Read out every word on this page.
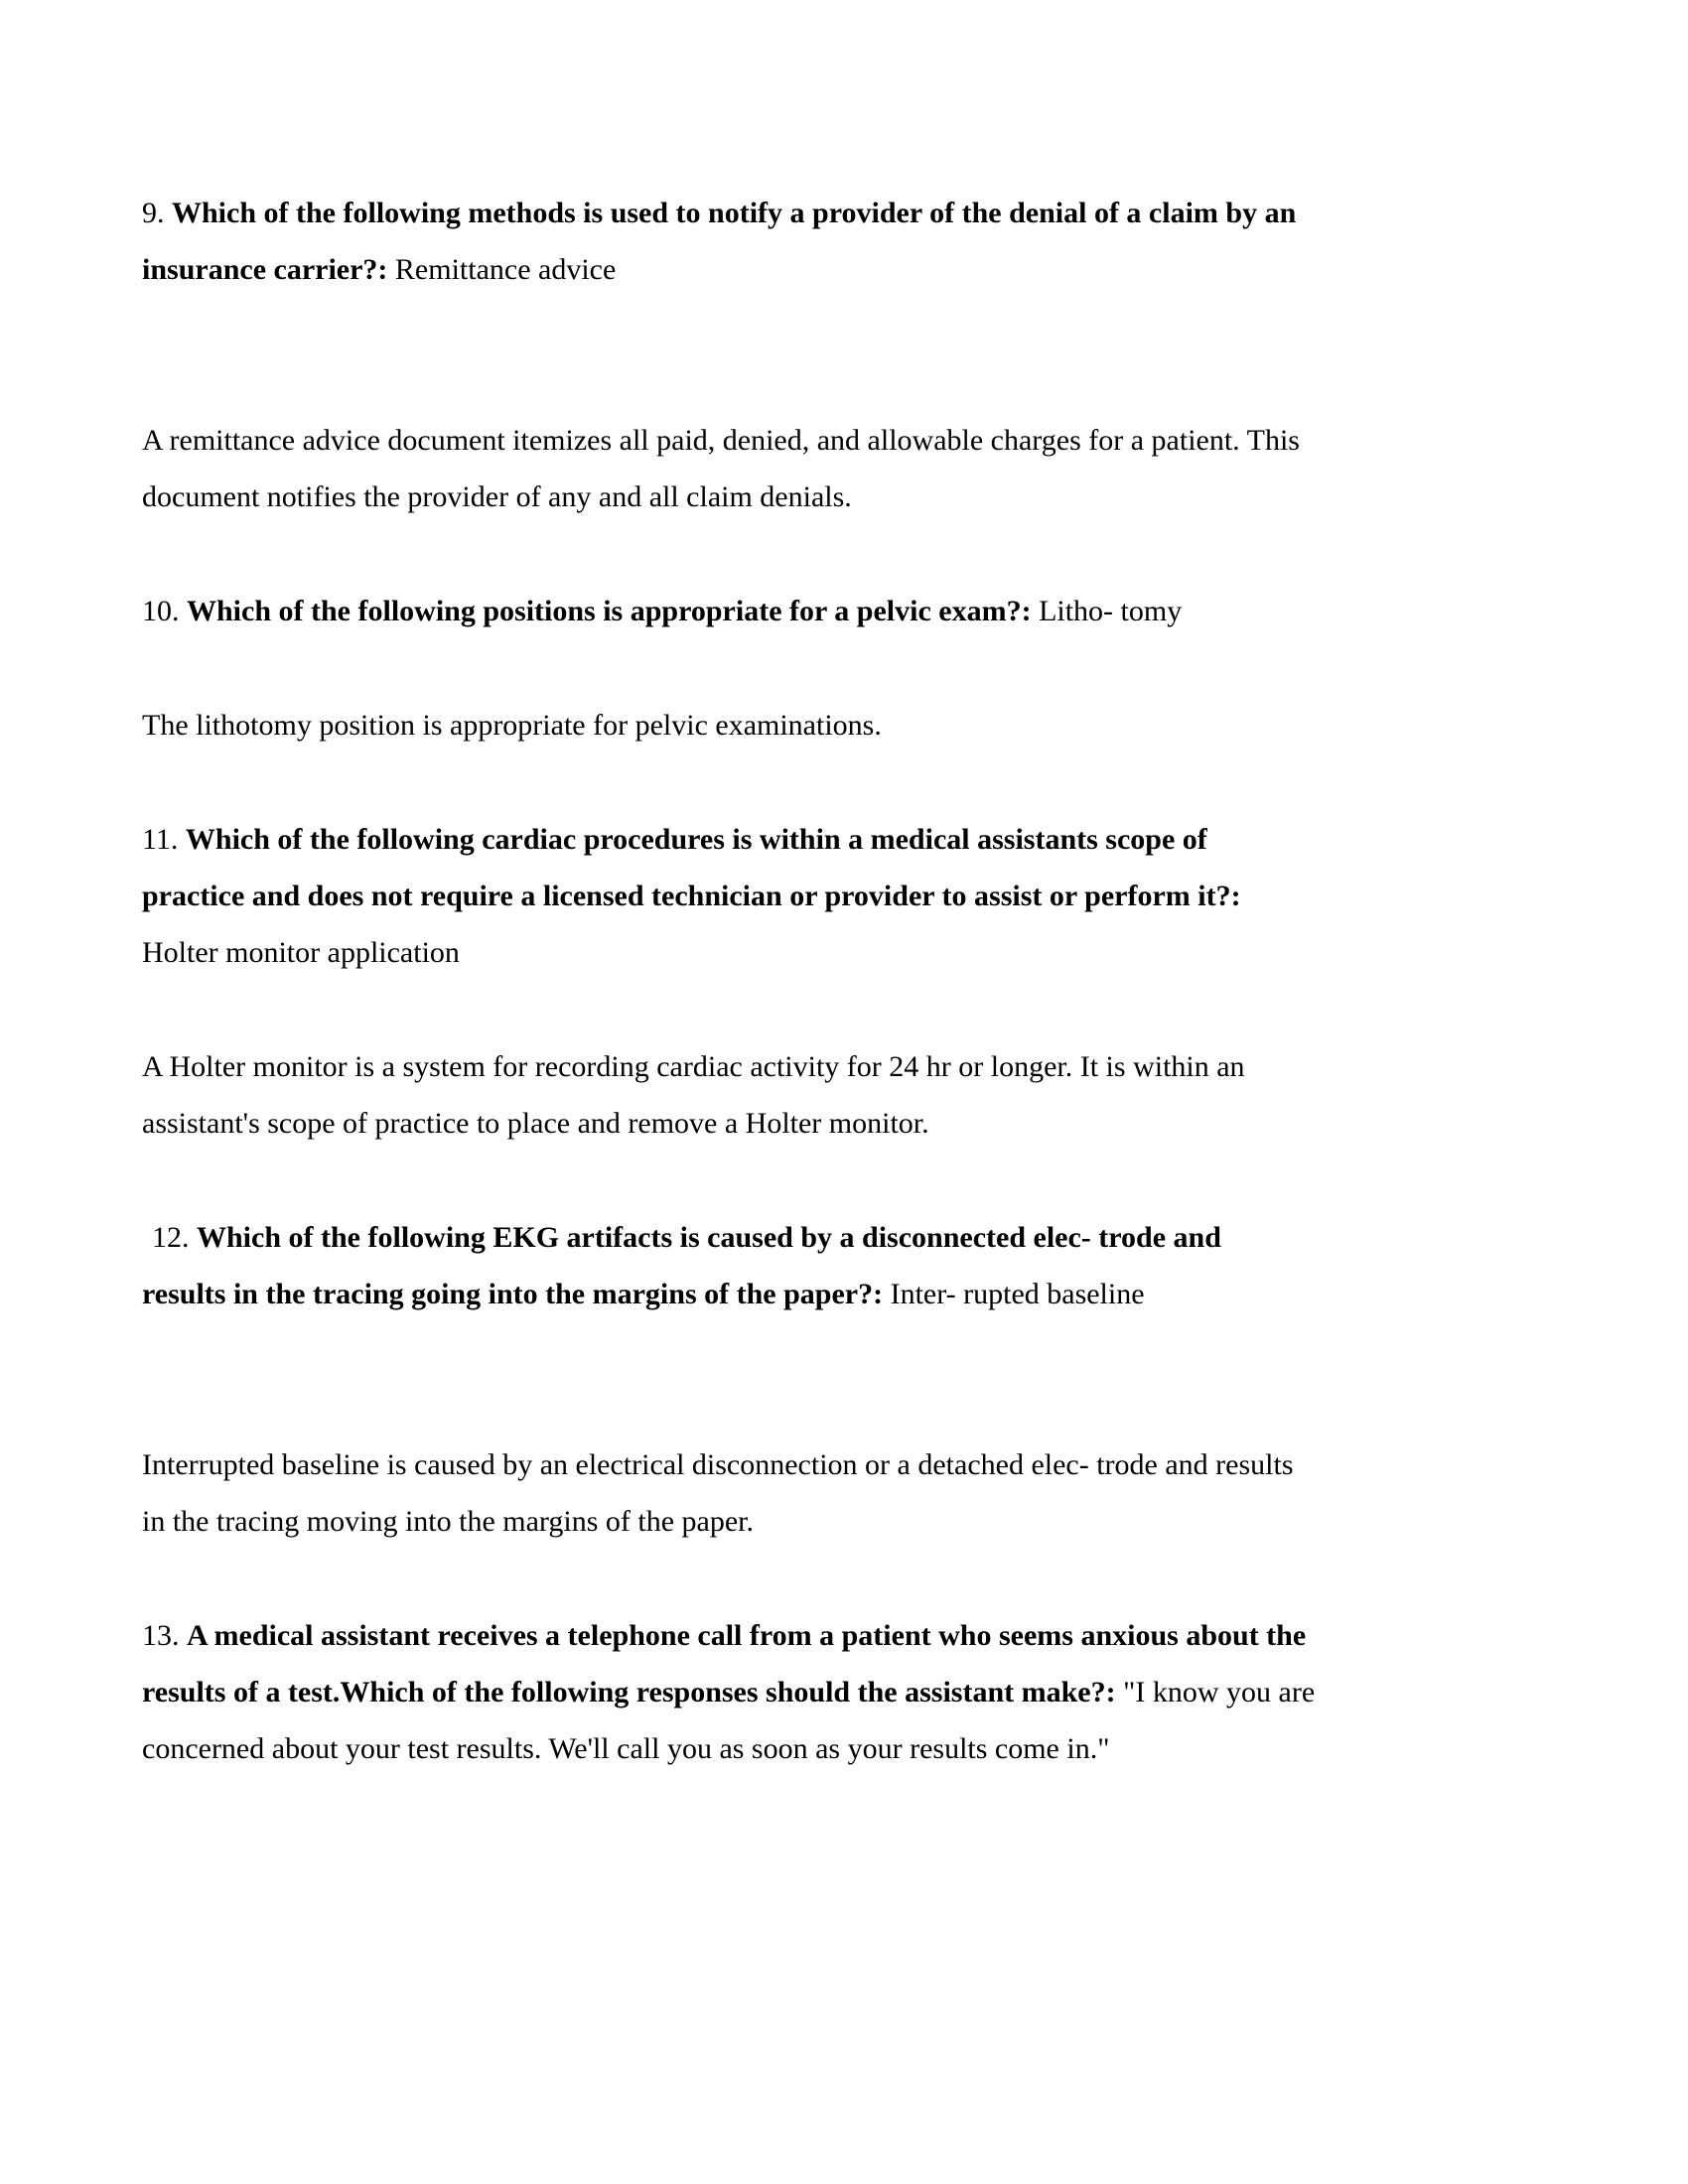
9. Which of the following methods is used to notify a provider of the denial of a claim by an
insurance carrier?: Remittance advice

A remittance advice document itemizes all paid, denied, and allowable charges for a patient. This
document notifies the provider of any and all claim denials.

10. Which of the following positions is appropriate for a pelvic exam?: Litho- tomy

The lithotomy position is appropriate for pelvic examinations.

11. Which of the following cardiac procedures is within a medical assistants scope of
practice and does not require a licensed technician or provider to assist or perform it?:
Holter monitor application

A Holter monitor is a system for recording cardiac activity for 24 hr or longer. It is within an
assistant's scope of practice to place and remove a Holter monitor.

12. Which of the following EKG artifacts is caused by a disconnected elec- trode and
results in the tracing going into the margins of the paper?: Inter- rupted baseline

Interrupted baseline is caused by an electrical disconnection or a detached elec- trode and results
in the tracing moving into the margins of the paper.

13. A medical assistant receives a telephone call from a patient who seems anxious about the
results of a test.Which of the following responses should the assistant make?: "I know you are
concerned about your test results. We'll call you as soon as your results come in."
